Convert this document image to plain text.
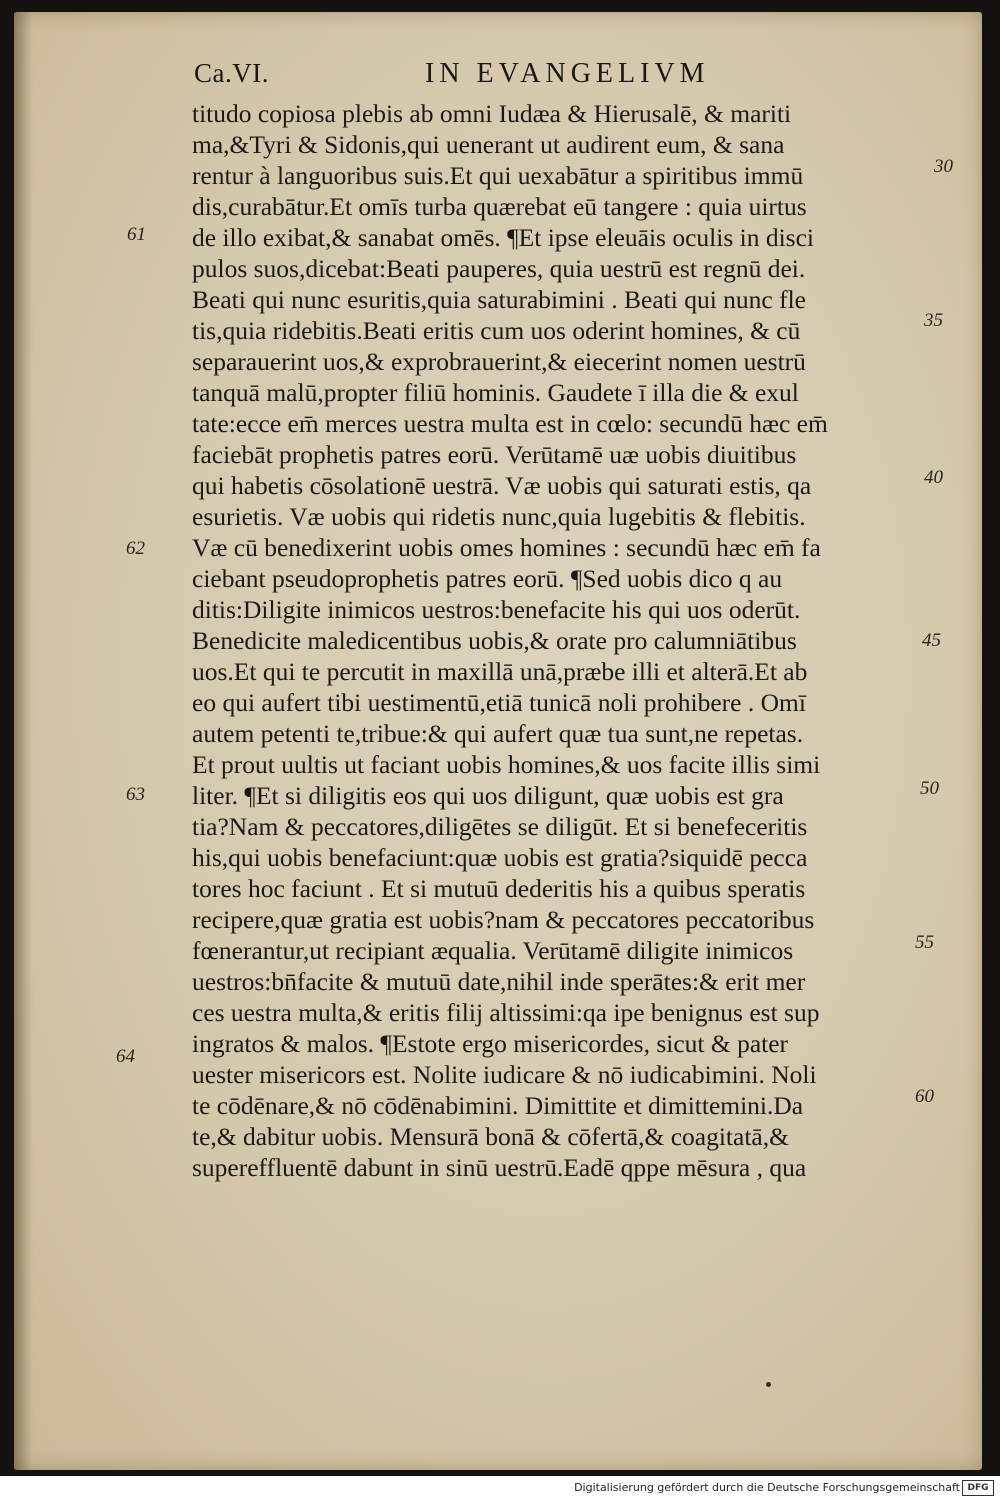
Ca.VI.	IN EVANGELIVM
titudo copiosa plebis ab omni Iudæa & Hierusalē, & mariti
ma,&Tyri & Sidonis,qui uenerant ut audirent eum, & sana
rentur à languoribus suis.Et qui uexabātur a spiritibus immū
dis,curabātur.Et omīs turba quærebat eū tangere : quia uirtus
de illo exibat,& sanabat omēs. ¶Et ipse eleuāis oculis in disci
pulos suos,dicebat:Beati pauperes, quia uestrū est regnū dei.
Beati qui nunc esuritis,quia saturabimini . Beati qui nunc fle
tis,quia ridebitis.Beati eritis cum uos oderint homines, & cū
separauerint uos,& exprobrauerint,& eiecerint nomen uestrū
tanquā malū,propter filiū hominis. Gaudete ī illa die & exul
tate:ecce em̄ merces uestra multa est in cœlo: secundū hæc em̄
faciebāt prophetis patres eorū. Verūtamē uæ uobis diuitibus
qui habetis cōsolationē uestrā. Væ uobis qui saturati estis, qa
esurietis. Væ uobis qui ridetis nunc,quia lugebitis & flebitis.
Væ cū benedixerint uobis omes homines : secundū hæc em̄ fa
ciebant pseudoprophetis patres eorū. ¶Sed uobis dico q au
ditis:Diligite inimicos uestros:benefacite his qui uos oderūt.
Benedicite maledicentibus uobis,& orate pro calumniātibus
uos.Et qui te percutit in maxillā unā,præbe illi et alterā.Et ab
eo qui aufert tibi uestimentū,etiā tunicā noli prohibere . Omī
autem petenti te,tribue:& qui aufert quæ tua sunt,ne repetas.
Et prout uultis ut faciant uobis homines,& uos facite illis simi
liter. ¶Et si diligitis eos qui uos diligunt, quæ uobis est gra
tia?Nam & peccatores,diligētes se diligūt. Et si benefeceritis
his,qui uobis benefaciunt:quæ uobis est gratia?siquidē pecca
tores hoc faciunt . Et si mutuū dederitis his a quibus speratis
recipere,quæ gratia est uobis?nam & peccatores peccatoribus
fœnerantur,ut recipiant æqualia. Verūtamē diligite inimicos
uestros:bn̄facite & mutuū date,nihil inde sperātes:& erit mer
ces uestra multa,& eritis filij altissimi:qa ipe benignus est sup
ingratos & malos. ¶Estote ergo misericordes, sicut & pater
uester misericors est. Nolite iudicare & nō iudicabimini. Noli
te cōdēnare,& nō cōdēnabimini. Dimittite et dimittemini.Da
te,& dabitur uobis. Mensurā bonā & cōfertā,& coagitatā,&
supereffluentē dabunt in sinū uestrū.Eadē qppe mēsura , qua
61
62
63
64
30
35
40
45
50
55
60
Digitalisierung gefördert durch die Deutsche Forschungsgemeinschaft DFG
